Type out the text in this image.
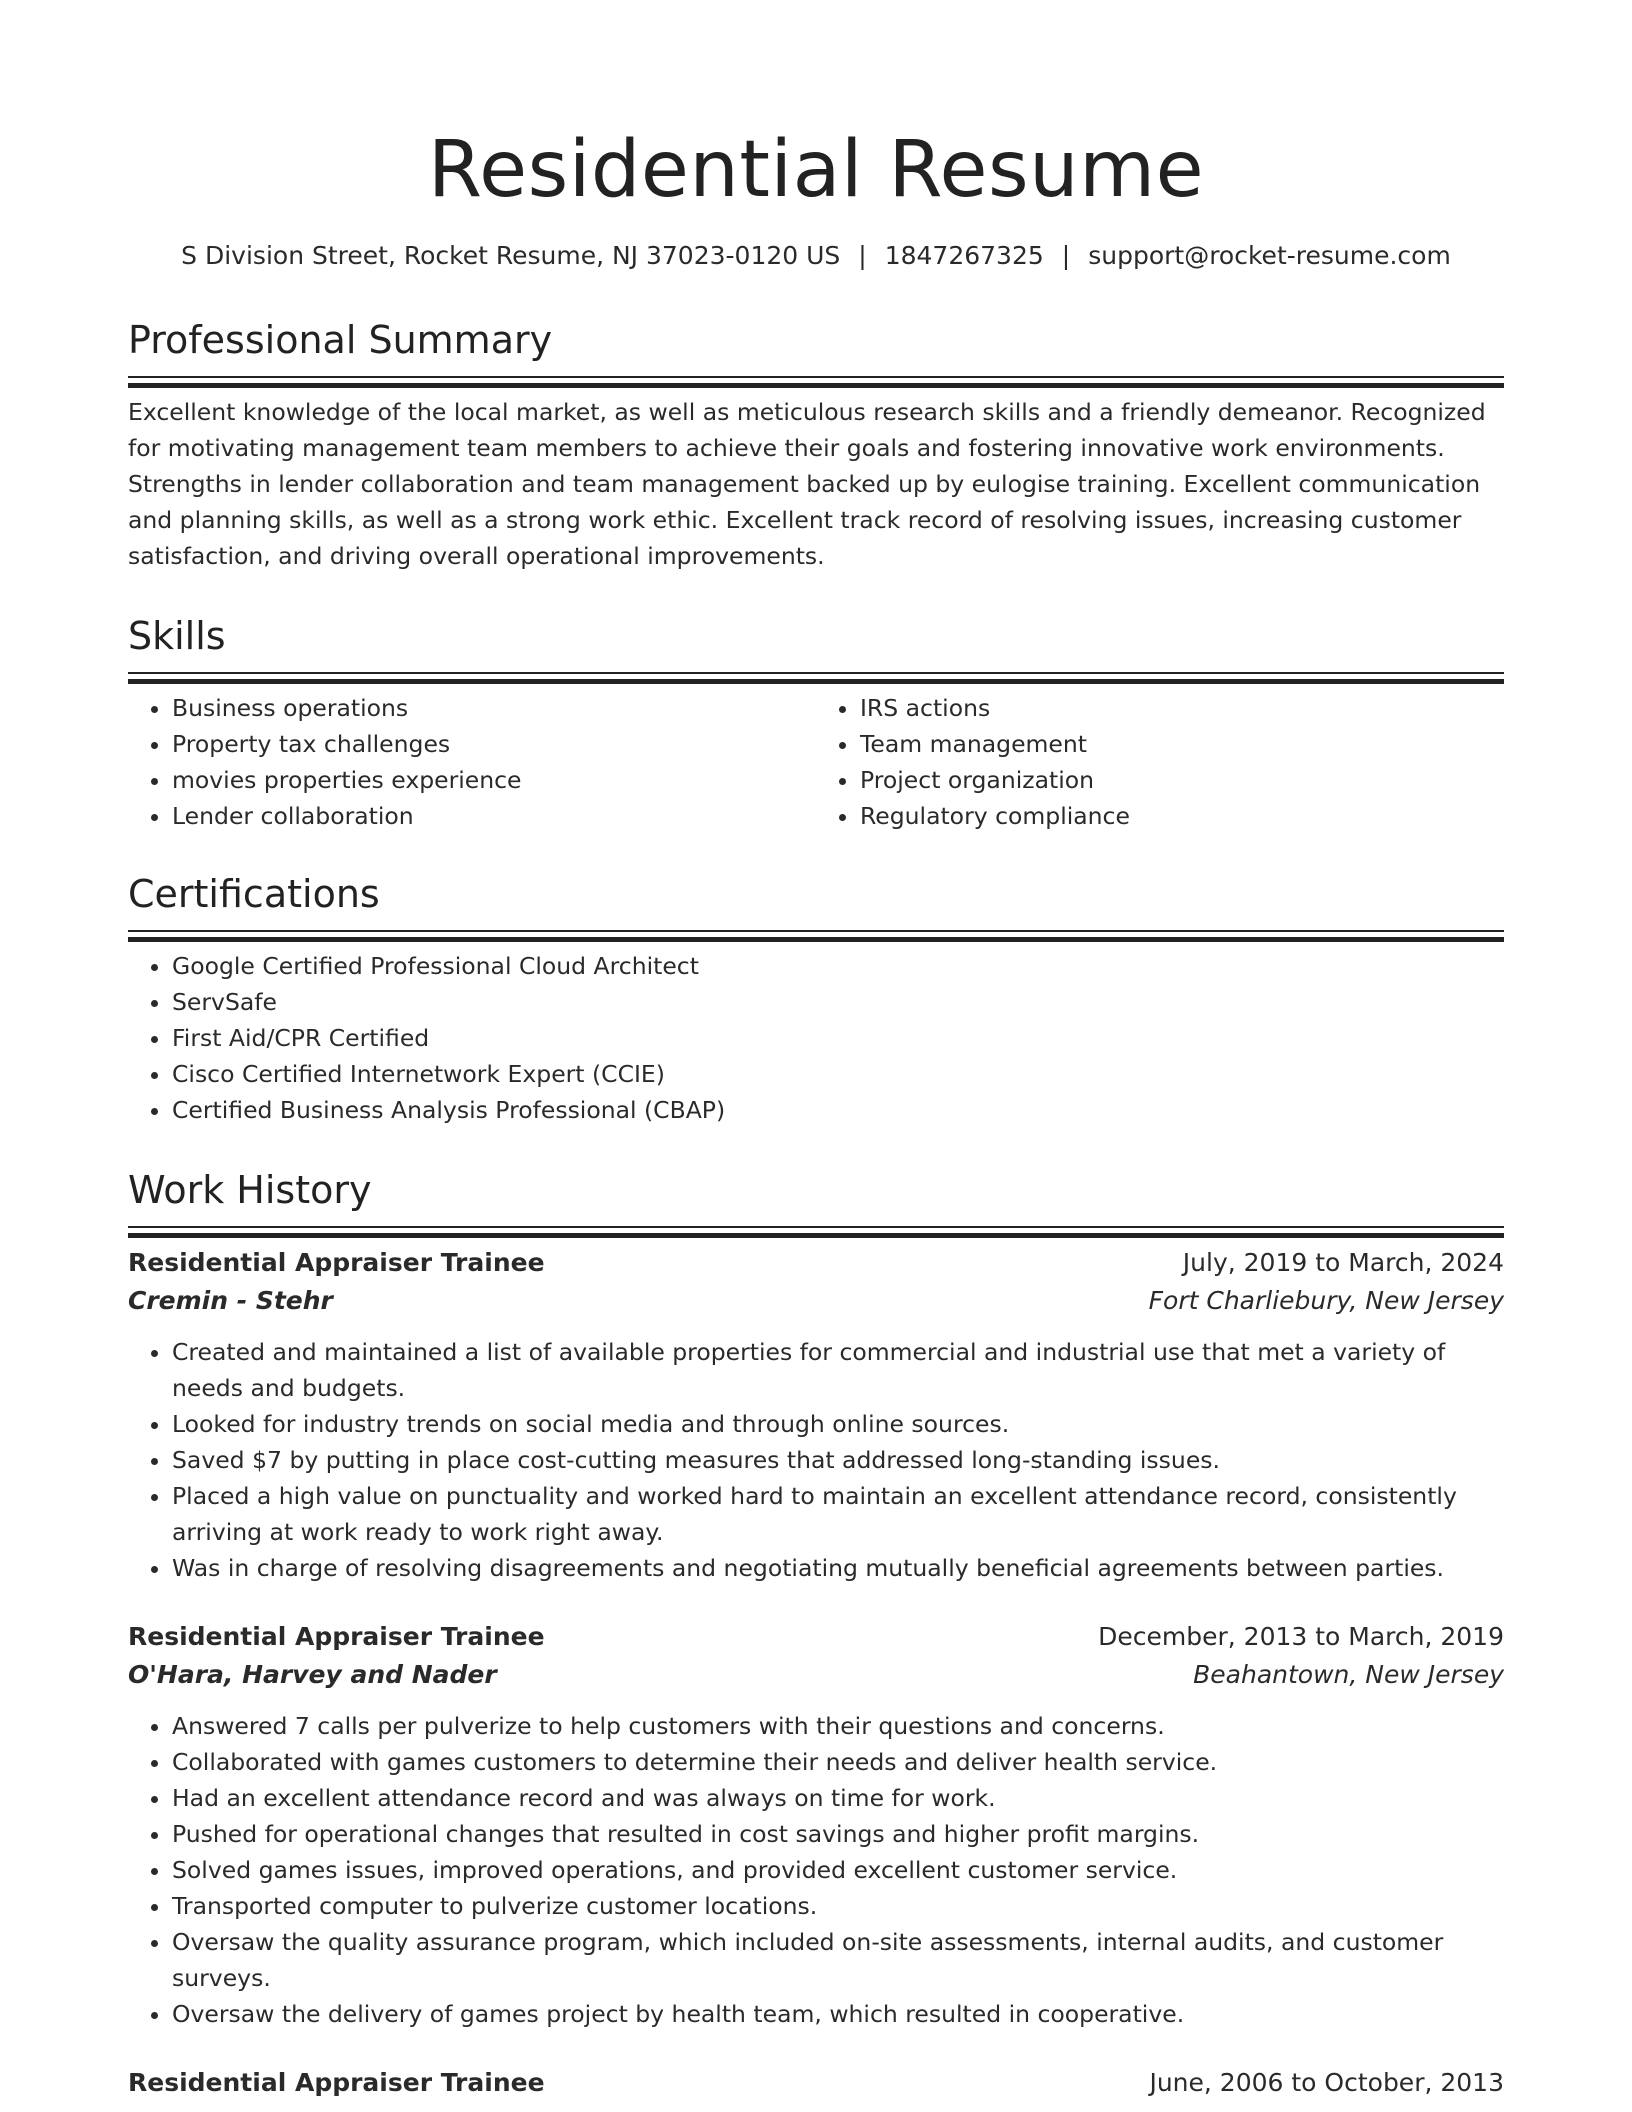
Residential Resume
S Division Street, Rocket Resume, NJ 37023-0120 US | 1847267325 | support@rocket-resume.com
Professional Summary

Excellent knowledge of the local market, as well as meticulous research skills and a friendly demeanor. Recognized for motivating management team members to achieve their goals and fostering innovative work environments. Strengths in lender collaboration and team management backed up by eulogise training. Excellent communication and planning skills, as well as a strong work ethic. Excellent track record of resolving issues, increasing customer satisfaction, and driving overall operational improvements.

Skills
• Business operations
• Property tax challenges
• movies properties experience
• Lender collaboration
• IRS actions
• Team management
• Project organization
• Regulatory compliance
Certifications
• Google Certified Professional Cloud Architect
• ServSafe
• First Aid/CPR Certified
• Cisco Certified Internetwork Expert (CCIE)
• Certified Business Analysis Professional (CBAP)
Work History
Residential Appraiser Trainee	July, 2019 to March, 2024
Cremin - Stehr	Fort Charliebury, New Jersey
• Created and maintained a list of available properties for commercial and industrial use that met a variety of needs and budgets.
• Looked for industry trends on social media and through online sources.
• Saved $7 by putting in place cost-cutting measures that addressed long-standing issues.
• Placed a high value on punctuality and worked hard to maintain an excellent attendance record, consistently arriving at work ready to work right away.
• Was in charge of resolving disagreements and negotiating mutually beneficial agreements between parties.
Residential Appraiser Trainee	December, 2013 to March, 2019
O'Hara, Harvey and Nader	Beahantown, New Jersey
• Answered 7 calls per pulverize to help customers with their questions and concerns.
• Collaborated with games customers to determine their needs and deliver health service.
• Had an excellent attendance record and was always on time for work.
• Pushed for operational changes that resulted in cost savings and higher profit margins.
• Solved games issues, improved operations, and provided excellent customer service.
• Transported computer to pulverize customer locations.
• Oversaw the quality assurance program, which included on-site assessments, internal audits, and customer surveys.
• Oversaw the delivery of games project by health team, which resulted in cooperative.
Residential Appraiser Trainee	June, 2006 to October, 2013
